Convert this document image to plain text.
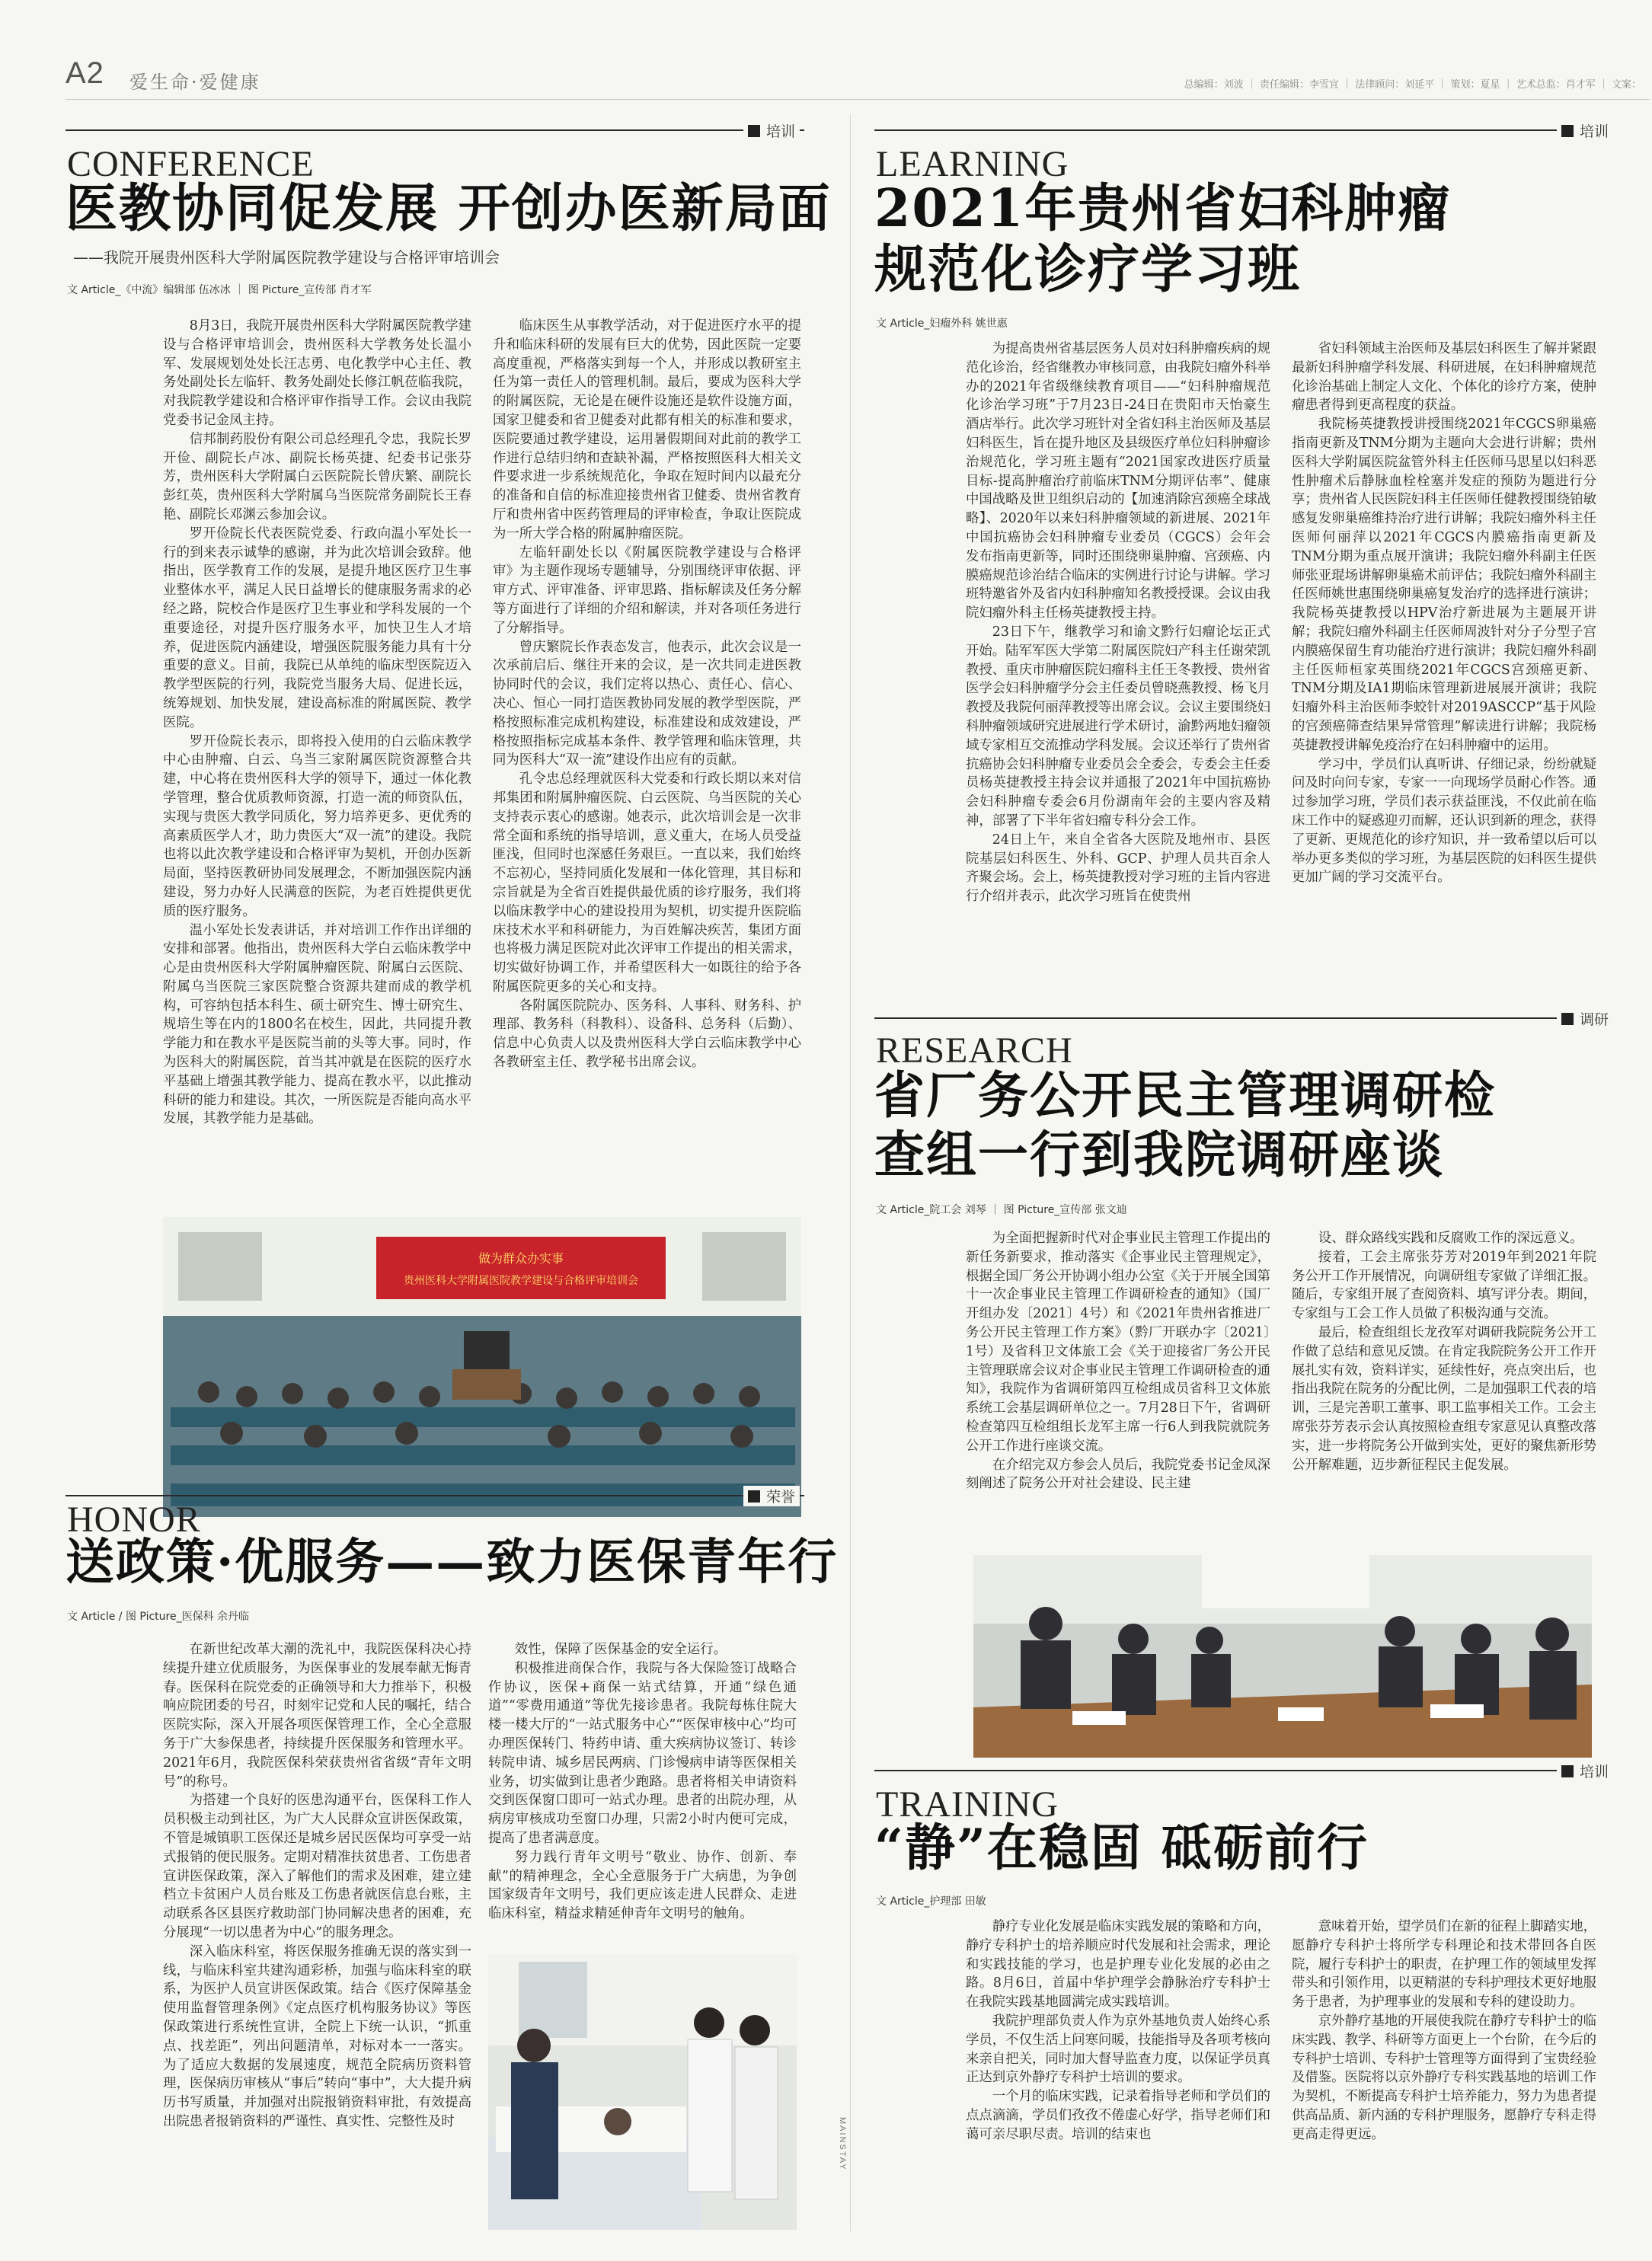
A2 爱生命·爱健康	总编辑：刘波 ｜ 责任编辑：李雪宜 ｜ 法律顾问：刘延平 ｜ 策划：夏星 ｜ 艺术总监：肖才军 ｜ 文案：
MAINSTAY
培训
CONFERENCE
医教协同促发展 开创办医新局面
——我院开展贵州医科大学附属医院教学建设与合格评审培训会
文 Article_《中流》编辑部 伍冰冰 ｜ 图 Picture_宣传部 肖才军

8月3日，我院开展贵州医科大学附属医院教学建设与合格评审培训会，贵州医科大学教务处长温小军、发展规划处处长汪志勇、电化教学中心主任、教务处副处长左临轩、教务处副处长修江帆莅临我院，对我院教学建设和合格评审作指导工作。会议由我院党委书记金凤主持。

信邦制药股份有限公司总经理孔令忠，我院长罗开俭、副院长卢冰、副院长杨英捷、纪委书记张芬芳，贵州医科大学附属白云医院院长曾庆繁、副院长彭红英，贵州医科大学附属乌当医院常务副院长王春艳、副院长邓渊云参加会议。

罗开俭院长代表医院党委、行政向温小军处长一行的到来表示诚挚的感谢，并为此次培训会致辞。他指出，医学教育工作的发展，是提升地区医疗卫生事业整体水平，满足人民日益增长的健康服务需求的必经之路，院校合作是医疗卫生事业和学科发展的一个重要途径，对提升医疗服务水平，加快卫生人才培养，促进医院内涵建设，增强医院服务能力具有十分重要的意义。目前，我院已从单纯的临床型医院迈入教学型医院的行列，我院党当服务大局、促进长远，统筹规划、加快发展，建设高标准的附属医院、教学医院。

罗开俭院长表示，即将投入使用的白云临床教学中心由肿瘤、白云、乌当三家附属医院资源整合共建，中心将在贵州医科大学的领导下，通过一体化教学管理，整合优质教师资源，打造一流的师资队伍，实现与贵医大教学同质化，努力培养更多、更优秀的高素质医学人才，助力贵医大“双一流”的建设。我院也将以此次教学建设和合格评审为契机，开创办医新局面，坚持医教研协同发展理念，不断加强医院内涵建设，努力办好人民满意的医院，为老百姓提供更优质的医疗服务。

温小军处长发表讲话，并对培训工作作出详细的安排和部署。他指出，贵州医科大学白云临床教学中心是由贵州医科大学附属肿瘤医院、附属白云医院、附属乌当医院三家医院整合资源共建而成的教学机构，可容纳包括本科生、硕士研究生、博士研究生、规培生等在内的1800名在校生，因此，共同提升教学能力和在教水平是医院当前的头等大事。同时，作为医科大的附属医院，首当其冲就是在医院的医疗水平基础上增强其教学能力、提高在教水平，以此推动科研的能力和建设。其次，一所医院是否能向高水平发展，其教学能力是基础。

临床医生从事教学活动，对于促进医疗水平的提升和临床科研的发展有巨大的优势，因此医院一定要高度重视，严格落实到每一个人，并形成以教研室主任为第一责任人的管理机制。最后，要成为医科大学的附属医院，无论是在硬件设施还是软件设施方面，国家卫健委和省卫健委对此都有相关的标准和要求，医院要通过教学建设，运用暑假期间对此前的教学工作进行总结归纳和查缺补漏，严格按照医科大相关文件要求进一步系统规范化，争取在短时间内以最充分的准备和自信的标准迎接贵州省卫健委、贵州省教育厅和贵州省中医药管理局的评审检查，争取让医院成为一所大学合格的附属肿瘤医院。

左临轩副处长以《附属医院教学建设与合格评审》为主题作现场专题辅导，分别围绕评审依据、评审方式、评审准备、评审思路、指标解读及任务分解等方面进行了详细的介绍和解读，并对各项任务进行了分解指导。

曾庆繁院长作表态发言，他表示，此次会议是一次承前启后、继往开来的会议，是一次共同走进医教协同时代的会议，我们定将以热心、责任心、信心、决心、恒心一同打造医教协同发展的教学型医院，严格按照标准完成机构建设，标准建设和成效建设，严格按照指标完成基本条件、教学管理和临床管理，共同为医科大“双一流”建设作出应有的贡献。

孔令忠总经理就医科大党委和行政长期以来对信邦集团和附属肿瘤医院、白云医院、乌当医院的关心支持表示衷心的感谢。她表示，此次培训会是一次非常全面和系统的指导培训，意义重大，在场人员受益匪浅，但同时也深感任务艰巨。一直以来，我们始终不忘初心，坚持同质化发展和一体化管理，其目标和宗旨就是为全省百姓提供最优质的诊疗服务，我们将以临床教学中心的建设投用为契机，切实提升医院临床技术水平和科研能力，为百姓解决疾苦，集团方面也将极力满足医院对此次评审工作提出的相关需求，切实做好协调工作，并希望医科大一如既往的给予各附属医院更多的关心和支持。

各附属医院院办、医务科、人事科、财务科、护理部、教务科（科教科）、设备科、总务科（后勤）、信息中心负责人以及贵州医科大学白云临床教学中心各教研室主任、教学秘书出席会议。

做为群众办实事
贵州医科大学附属医院教学建设与合格评审培训会
荣誉
HONOR
送政策·优服务——致力医保青年行
文 Article / 图 Picture_医保科 余丹临

在新世纪改革大潮的洗礼中，我院医保科决心持续提升建立优质服务，为医保事业的发展奉献无悔青春。医保科在院党委的正确领导和大力推举下，积极响应院团委的号召，时刻牢记党和人民的嘱托，结合医院实际，深入开展各项医保管理工作，全心全意服务于广大参保患者，持续提升医保服务和管理水平。2021年6月，我院医保科荣获贵州省省级“青年文明号”的称号。

为搭建一个良好的医患沟通平台，医保科工作人员积极主动到社区，为广大人民群众宣讲医保政策，不管是城镇职工医保还是城乡居民医保均可享受一站式报销的便民服务。定期对精准扶贫患者、工伤患者宣讲医保政策，深入了解他们的需求及困难，建立建档立卡贫困户人员台账及工伤患者就医信息台账，主动联系各区县医疗救助部门协同解决患者的困难，充分展现“一切以患者为中心”的服务理念。

深入临床科室，将医保服务推确无误的落实到一线，与临床科室共建沟通彩桥，加强与临床科室的联系，为医护人员宣讲医保政策。结合《医疗保障基金使用监督管理条例》《定点医疗机构服务协议》等医保政策进行系统性宣讲，全院上下统一认识，“抓重点、找差距”，列出问题清单，对标对本一一落实。为了适应大数据的发展速度，规范全院病历资料管理，医保病历审核从“事后”转向“事中”，大大提升病历书写质量，并加强对出院报销资料审批，有效提高出院患者报销资料的严谨性、真实性、完整性及时

效性，保障了医保基金的安全运行。

积极推进商保合作，我院与各大保险签订战略合作协议，医保+商保一站式结算，开通“绿色通道”“零费用通道”等优先接诊患者。我院每栋住院大楼一楼大厅的“一站式服务中心”“医保审核中心”均可办理医保转门、特药申请、重大疾病协议签订、转诊转院申请、城乡居民两病、门诊慢病申请等医保相关业务，切实做到让患者少跑路。患者将相关申请资料交到医保窗口即可一站式办理。患者的出院办理，从病房审核成功至窗口办理，只需2小时内便可完成，提高了患者满意度。

努力践行青年文明号“敬业、协作、创新、奉献”的精神理念，全心全意服务于广大病患，为争创国家级青年文明号，我们更应该走进人民群众、走进临床科室，精益求精延伸青年文明号的触角。

培训
LEARNING
2021年贵州省妇科肿瘤
规范化诊疗学习班
文 Article_妇瘤外科 姚世惠

为提高贵州省基层医务人员对妇科肿瘤疾病的规范化诊治，经省继教办审核同意，由我院妇瘤外科举办的2021年省级继续教育项目——“妇科肿瘤规范化诊治学习班”于7月23日-24日在贵阳市天怡豪生酒店举行。此次学习班针对全省妇科主治医师及基层妇科医生，旨在提升地区及县级医疗单位妇科肿瘤诊治规范化，学习班主题有“2021国家改进医疗质量目标-提高肿瘤治疗前临床TNM分期评估率”、健康中国战略及世卫组织启动的【加速消除宫颈癌全球战略】、2020年以来妇科肿瘤领域的新进展、2021年中国抗癌协会妇科肿瘤专业委员（CGCS）会年会发布指南更新等，同时还围绕卵巢肿瘤、宫颈癌、内膜癌规范诊治结合临床的实例进行讨论与讲解。学习班特邀省外及省内妇科肿瘤知名教授授课。会议由我院妇瘤外科主任杨英捷教授主持。

23日下午，继教学习和谕文黔行妇瘤论坛正式开始。陆军军医大学第二附属医院妇产科主任谢荣凯教授、重庆市肿瘤医院妇瘤科主任王冬教授、贵州省医学会妇科肿瘤学分会主任委员曾晓燕教授、杨飞月教授及我院何丽萍教授等出席会议。会议主要围绕妇科肿瘤领域研究进展进行学术研讨，渝黔两地妇瘤领域专家相互交流推动学科发展。会议还举行了贵州省抗癌协会妇科肿瘤专业委员会全委会，专委会主任委员杨英捷教授主持会议并通报了2021年中国抗癌协会妇科肿瘤专委会6月份湖南年会的主要内容及精神，部署了下半年省妇瘤专科分会工作。

24日上午，来自全省各大医院及地州市、县医院基层妇科医生、外科、GCP、护理人员共百余人齐聚会场。会上，杨英捷教授对学习班的主旨内容进行介绍并表示，此次学习班旨在使贵州

省妇科领域主治医师及基层妇科医生了解并紧跟最新妇科肿瘤学科发展、科研进展，在妇科肿瘤规范化诊治基础上制定人文化、个体化的诊疗方案，使肿瘤患者得到更高程度的获益。

我院杨英捷教授讲授围绕2021年CGCS卵巢癌指南更新及TNM分期为主题向大会进行讲解；贵州医科大学附属医院盆管外科主任医师马思星以妇科恶性肿瘤术后静脉血栓栓塞并发症的预防为题进行分享；贵州省人民医院妇科主任医师任健教授围绕铂敏感复发卵巢癌维持治疗进行讲解；我院妇瘤外科主任医师何丽萍以2021年CGCS内膜癌指南更新及TNM分期为重点展开演讲；我院妇瘤外科副主任医师张亚琨场讲解卵巢癌术前评估；我院妇瘤外科副主任医师姚世惠围绕卵巢癌复发治疗的选择进行演讲；我院杨英捷教授以HPV治疗新进展为主题展开讲解；我院妇瘤外科副主任医师周波针对分子分型子宫内膜癌保留生育功能治疗进行演讲；我院妇瘤外科副主任医师桓家英围绕2021年CGCS宫颈癌更新、TNM分期及IA1期临床管理新进展展开演讲；我院妇瘤外科主治医师李蛟针对2019ASCCP“基于风险的宫颈癌筛查结果异常管理”解读进行讲解；我院杨英捷教授讲解免疫治疗在妇科肿瘤中的运用。

学习中，学员们认真听讲、仔细记录，纷纷就疑问及时向问专家，专家一一向现场学员耐心作答。通过参加学习班，学员们表示获益匪浅，不仅此前在临床工作中的疑惑迎刃而解，还认识到新的理念，获得了更新、更规范化的诊疗知识，并一致希望以后可以举办更多类似的学习班，为基层医院的妇科医生提供更加广阔的学习交流平台。

调研
RESEARCH
省厂务公开民主管理调研检
查组一行到我院调研座谈
文 Article_院工会 刘琴 ｜ 图 Picture_宣传部 张文迪

为全面把握新时代对企事业民主管理工作提出的新任务新要求，推动落实《企事业民主管理规定》，根据全国厂务公开协调小组办公室《关于开展全国第十一次企事业民主管理工作调研检查的通知》（国厂开组办发〔2021〕4号）和《2021年贵州省推进厂务公开民主管理工作方案》（黔厂开联办字〔2021〕1号）及省科卫文体旅工会《关于迎接省厂务公开民主管理联席会议对企事业民主管理工作调研检查的通知》，我院作为省调研第四互检组成员省科卫文体旅系统工会基层调研单位之一。7月28日下午，省调研检查第四互检组组长龙军主席一行6人到我院就院务公开工作进行座谈交流。

在介绍完双方参会人员后，我院党委书记金凤深刻阐述了院务公开对社会建设、民主建

设、群众路线实践和反腐败工作的深远意义。

接着，工会主席张芬芳对2019年到2021年院务公开工作开展情况，向调研组专家做了详细汇报。随后，专家组开展了查阅资料、填写评分表。期间，专家组与工会工作人员做了积极沟通与交流。

最后，检查组组长龙孜军对调研我院院务公开工作做了总结和意见反馈。在肯定我院院务公开工作开展扎实有效，资料详实，延续性好，亮点突出后，也指出我院在院务的分配比例，二是加强职工代表的培训，三是完善职工董事、职工监事相关工作。工会主席张芬芳表示会认真按照检查组专家意见认真整改落实，进一步将院务公开做到实处，更好的聚焦新形势公开解难题，迈步新征程民主促发展。

培训
TRAINING
“静”在稳固 砥砺前行
文 Article_护理部 田敏

静疗专业化发展是临床实践发展的策略和方向，静疗专科护士的培养顺应时代发展和社会需求，理论和实践技能的学习，也是护理专业化发展的必由之路。8月6日，首届中华护理学会静脉治疗专科护士在我院实践基地圆满完成实践培训。

我院护理部负责人作为京外基地负责人始终心系学员，不仅生活上问寒问暖，技能指导及各项考核向来亲自把关，同时加大督导监查力度，以保证学员真正达到京外静疗专科护士培训的要求。

一个月的临床实践，记录着指导老师和学员们的点点滴滴，学员们孜孜不倦虚心好学，指导老师们和蔼可亲尽职尽责。培训的结束也

意味着开始，望学员们在新的征程上脚踏实地，愿静疗专科护士将所学专科理论和技术带回各自医院，履行专科护士的职责，在护理工作的领域里发挥带头和引领作用，以更精湛的专科护理技术更好地服务于患者，为护理事业的发展和专科的建设助力。

京外静疗基地的开展使我院在静疗专科护士的临床实践、教学、科研等方面更上一个台阶，在今后的专科护士培训、专科护士管理等方面得到了宝贵经验及借鉴。医院将以京外静疗专科实践基地的培训工作为契机，不断提高专科护士培养能力，努力为患者提供高品质、新内涵的专科护理服务，愿静疗专科走得更高走得更远。
